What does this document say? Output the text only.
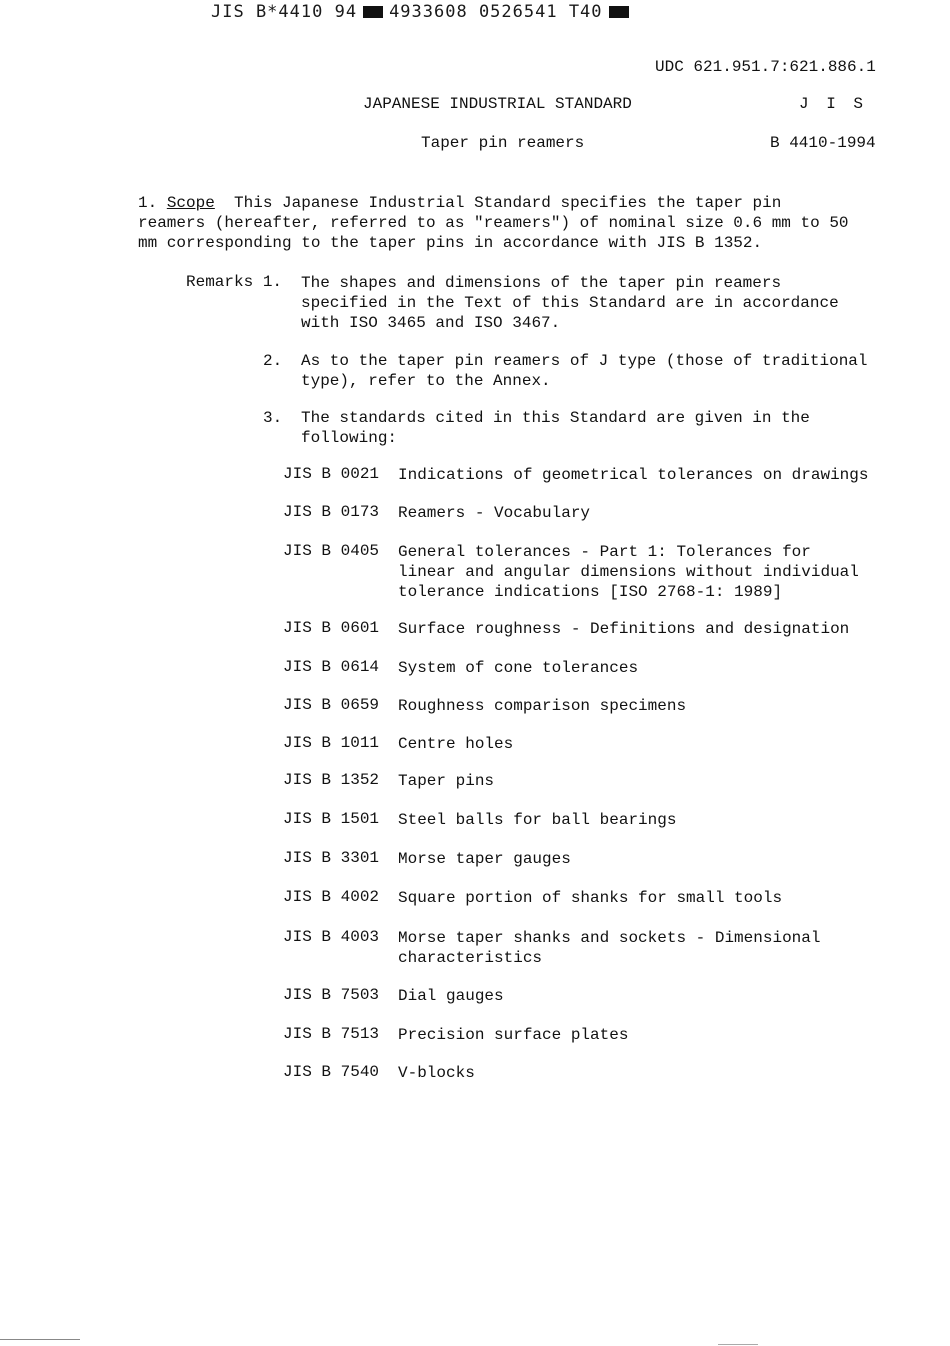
JIS B*4410 94 4933608 0526541 T40
UDC 621.951.7:621.886.1
JAPANESE INDUSTRIAL STANDARD	J I S
Taper pin reamers	B 4410-1994
1. Scope This Japanese Industrial Standard specifies the taper pin
reamers (hereafter, referred to as "reamers") of nominal size 0.6 mm to 50
mm corresponding to the taper pins in accordance with JIS B 1352.
Remarks 1. The shapes and dimensions of the taper pin reamers
specified in the Text of this Standard are in accordance
with ISO 3465 and ISO 3467.
2. As to the taper pin reamers of J type (those of traditional
type), refer to the Annex.
3. The standards cited in this Standard are given in the
following:
JIS B 0021 Indications of geometrical tolerances on drawings
JIS B 0173 Reamers - Vocabulary
JIS B 0405 General tolerances - Part 1: Tolerances for
linear and angular dimensions without individual
tolerance indications [ISO 2768-1: 1989]
JIS B 0601 Surface roughness - Definitions and designation
JIS B 0614 System of cone tolerances
JIS B 0659 Roughness comparison specimens
JIS B 1011 Centre holes
JIS B 1352 Taper pins
JIS B 1501 Steel balls for ball bearings
JIS B 3301 Morse taper gauges
JIS B 4002 Square portion of shanks for small tools
JIS B 4003 Morse taper shanks and sockets - Dimensional
characteristics
JIS B 7503 Dial gauges
JIS B 7513 Precision surface plates
JIS B 7540 V-blocks
